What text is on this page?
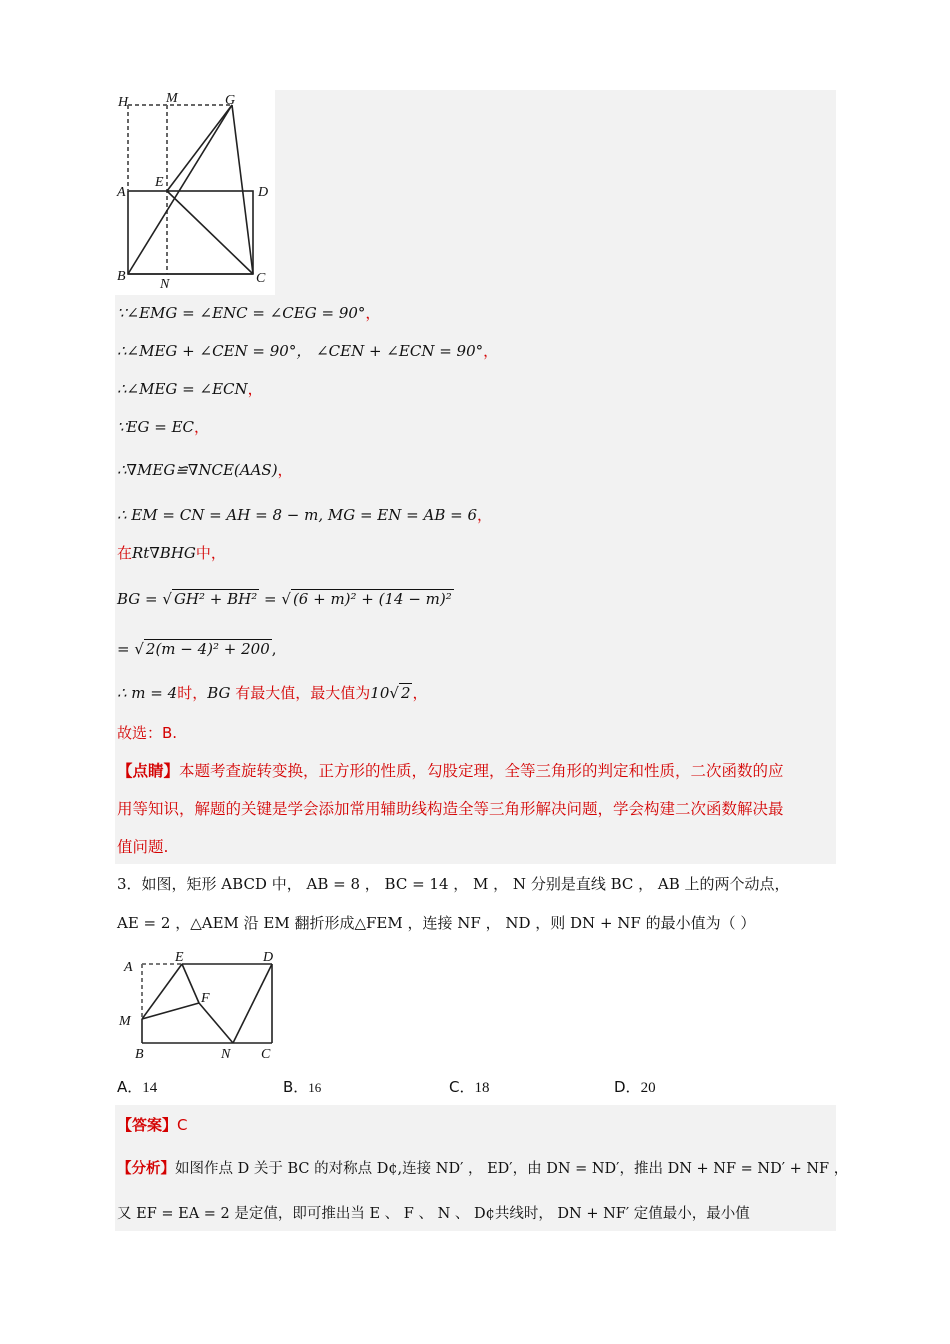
H	M	G
A
E
D
B
N	C
∵∠EMG = ∠ENC = ∠CEG = 90°，
∴∠MEG + ∠CEN = 90°， ∠CEN + ∠ECN = 90°，
∴∠MEG = ∠ECN，
∵EG = EC，
∴∇MEG≌∇NCE(AAS)，
∴ EM = CN = AH = 8 − m, MG = EN = AB = 6，
在Rt∇BHG中，
BG = √ GH² + BH² = √ (6 + m)² + (14 − m)²
= √ 2(m − 4)² + 200 ,
∴ m = 4时，BG 有最大值，最大值为10√ 2 ，
故选：B.
【点睛】本题考查旋转变换，正方形的性质，勾股定理，全等三角形的判定和性质，二次函数的应
用等知识，解题的关键是学会添加常用辅助线构造全等三角形解决问题，学会构建二次函数解决最
值问题.
3．如图，矩形 ABCD 中， AB = 8 ， BC = 14 ， M ， N 分别是直线 BC ， AB 上的两个动点，
AE = 2 ，△AEM 沿 EM 翻折形成△FEM ，连接 NF ， ND ，则 DN + NF 的最小值为（ ）
A
E	D
F
M
B	N C
A．14	B．16	C．18	D．20
【答案】C
【分析】如图作点 D 关于 BC 的对称点 D¢,连接 ND′ ， ED′，由 DN = ND′，推出 DN + NF = ND′ + NF ，
又 EF = EA = 2 是定值，即可推出当 E 、 F 、 N 、 D¢共线时， DN + NF′ 定值最小，最小值
